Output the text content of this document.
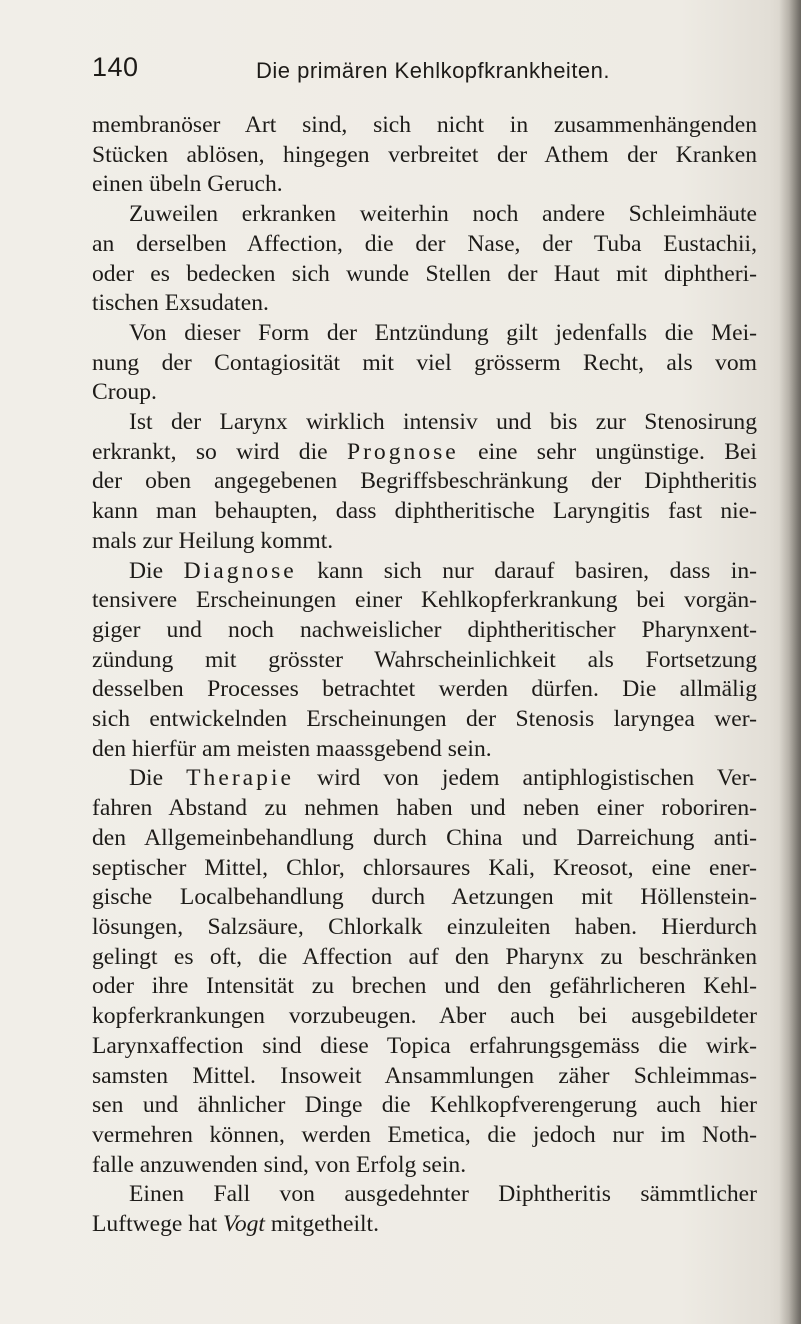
140	Die primären Kehlkopfkrankheiten.
membranöser Art sind, sich nicht in zusammenhängenden
Stücken ablösen, hingegen verbreitet der Athem der Kranken
einen übeln Geruch.
Zuweilen erkranken weiterhin noch andere Schleimhäute
an derselben Affection, die der Nase, der Tuba Eustachii,
oder es bedecken sich wunde Stellen der Haut mit diphtheri-
tischen Exsudaten.
Von dieser Form der Entzündung gilt jedenfalls die Mei-
nung der Contagiosität mit viel grösserm Recht, als vom
Croup.
Ist der Larynx wirklich intensiv und bis zur Stenosirung
erkrankt, so wird die Prognose eine sehr ungünstige. Bei
der oben angegebenen Begriffsbeschränkung der Diphtheritis
kann man behaupten, dass diphtheritische Laryngitis fast nie-
mals zur Heilung kommt.
Die Diagnose kann sich nur darauf basiren, dass in-
tensivere Erscheinungen einer Kehlkopferkrankung bei vorgän-
giger und noch nachweislicher diphtheritischer Pharynxent-
zündung mit grösster Wahrscheinlichkeit als Fortsetzung
desselben Processes betrachtet werden dürfen. Die allmälig
sich entwickelnden Erscheinungen der Stenosis laryngea wer-
den hierfür am meisten maassgebend sein.
Die Therapie wird von jedem antiphlogistischen Ver-
fahren Abstand zu nehmen haben und neben einer roboriren-
den Allgemeinbehandlung durch China und Darreichung anti-
septischer Mittel, Chlor, chlorsaures Kali, Kreosot, eine ener-
gische Localbehandlung durch Aetzungen mit Höllenstein-
lösungen, Salzsäure, Chlorkalk einzuleiten haben. Hierdurch
gelingt es oft, die Affection auf den Pharynx zu beschränken
oder ihre Intensität zu brechen und den gefährlicheren Kehl-
kopferkrankungen vorzubeugen. Aber auch bei ausgebildeter
Larynxaffection sind diese Topica erfahrungsgemäss die wirk-
samsten Mittel. Insoweit Ansammlungen zäher Schleimmas-
sen und ähnlicher Dinge die Kehlkopfverengerung auch hier
vermehren können, werden Emetica, die jedoch nur im Noth-
falle anzuwenden sind, von Erfolg sein.
Einen Fall von ausgedehnter Diphtheritis sämmtlicher
Luftwege hat Vogt mitgetheilt.
